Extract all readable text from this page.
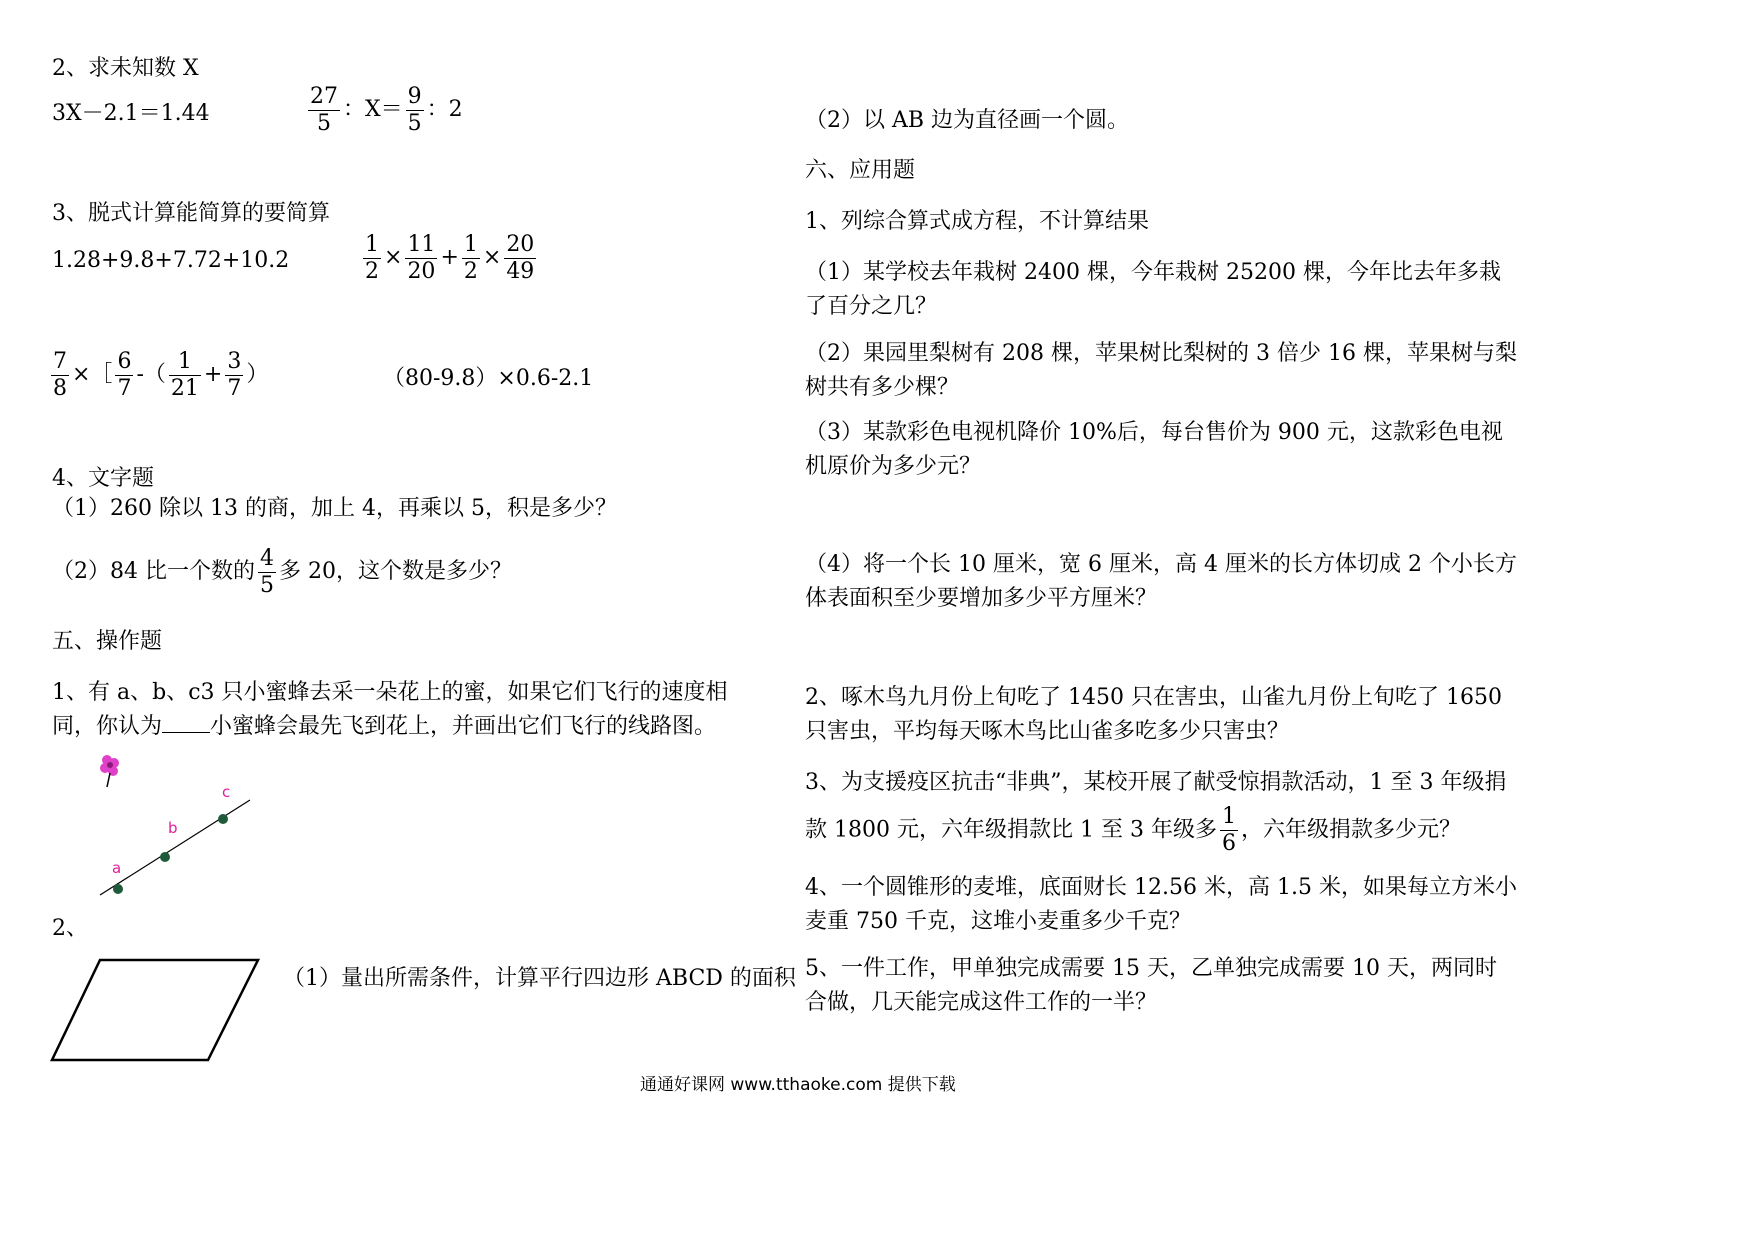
2、求未知数 X
3X－2.1＝1.44	$\frac{27}{5}$ ：$X= \frac{9}{5}$ ：2
3、脱式计算能简算的要简算
1.28+9.8+7.72+10.2	$\frac{1}{2} \times \frac{11}{20} + \frac{1}{2} \times \frac{20}{49}$
$\frac{7}{8}$ ×［ $\frac{6}{7}$ -（ $\frac{1}{21} + \frac{3}{7}$ ）	（80-9.8）×0.6-2.1
4、文字题
（1）260 除以 13 的商，加上 4，再乘以 5，积是多少？
（2）84 比一个数的 $\frac{4}{5}$ 多 20，这个数是多少？
五、操作题
1、有 a、b、c3 只小蜜蜂去采一朵花上的蜜，如果它们飞行的速度相同，你认为 小蜜蜂会最先飞到花上，并画出它们飞行的线路图。
a
b
c
2、
（1）量出所需条件，计算平行四边形 ABCD 的面积
（2）以 AB 边为直径画一个圆。
六、应用题
1、列综合算式成方程，不计算结果
（1）某学校去年栽树 2400 棵，今年栽树 25200 棵，今年比去年多栽了百分之几？
（2）果园里梨树有 208 棵，苹果树比梨树的 3 倍少 16 棵，苹果树与梨树共有多少棵？
（3）某款彩色电视机降价 10%后，每台售价为 900 元，这款彩色电视机原价为多少元？
（4）将一个长 10 厘米，宽 6 厘米，高 4 厘米的长方体切成 2 个小长方体表面积至少要增加多少平方厘米？
2、啄木鸟九月份上旬吃了 1450 只在害虫，山雀九月份上旬吃了 1650 只害虫，平均每天啄木鸟比山雀多吃多少只害虫？
3、为支援疫区抗击“非典”，某校开展了献受惊捐款活动，1 至 3 年级捐款 1800 元，六年级捐款比 1 至 3 年级多 $\frac{1}{6}$ ，六年级捐款多少元？
4、一个圆锥形的麦堆，底面财长 12.56 米，高 1.5 米，如果每立方米小麦重 750 千克，这堆小麦重多少千克？
5、一件工作，甲单独完成需要 15 天，乙单独完成需要 10 天，两同时合做，几天能完成这件工作的一半？
通通好课网 www.tthaoke.com 提供下载
